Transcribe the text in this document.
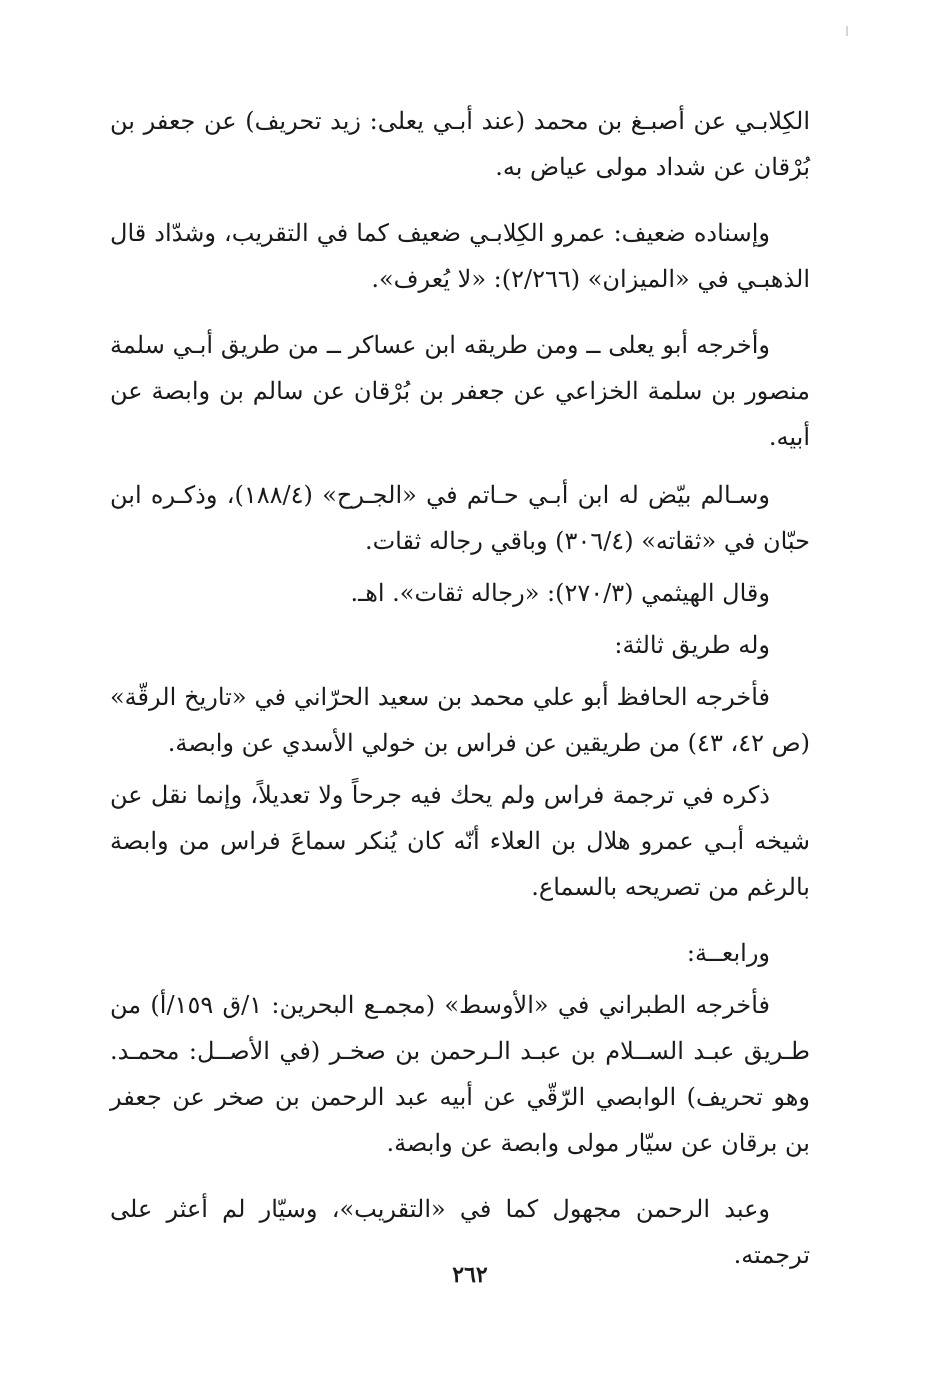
الكِلابـي عن أصبـغ بن محمد (عند أبـي يعلى: زيد تحريف) عن جعفر بن بُرْقان عن شداد مولى عياض به.

وإسناده ضعيف: عمرو الكِلابـي ضعيف كما في التقريب، وشدّاد قال الذهبـي في «الميزان» (٢/٢٦٦): «لا يُعرف».

وأخرجه أبو يعلى ــ ومن طريقه ابن عساكر ــ من طريق أبـي سلمة منصور بن سلمة الخزاعي عن جعفر بن بُرْقان عن سالم بن وابصة عن أبيه.

وسـالم بيّض له ابن أبـي حـاتم في «الجـرح» (١٨٨/٤)، وذكـره ابن حبّان في «ثقاته» (٣٠٦/٤) وباقي رجاله ثقات.

وقال الهيثمي (٢٧٠/٣): «رجاله ثقات». اهـ.

وله طريق ثالثة:

فأخرجه الحافظ أبو علي محمد بن سعيد الحرّاني في «تاريخ الرقّة» (ص ٤٢، ٤٣) من طريقين عن فراس بن خولي الأسدي عن وابصة.

ذكره في ترجمة فراس ولم يحك فيه جرحاً ولا تعديلاً، وإنما نقل عن شيخه أبـي عمرو هلال بن العلاء أنّه كان يُنكر سماعَ فراس من وابصة بالرغم من تصريحه بالسماع.

ورابعــة:

فأخرجه الطبراني في «الأوسط» (مجمـع البحرين: ١/ق ١٥٩/أ) من طـريق عبـد الســلام بن عبـد الـرحمن بن صخـر (في الأصــل: محمـد. وهو تحريف) الوابصي الرّقّي عن أبيه عبد الرحمن بن صخر عن جعفر بن برقان عن سيّار مولى وابصة عن وابصة.

وعبد الرحمن مجهول كما في «التقريب»، وسيّار لم أعثر على ترجمته.

٢٦٢
